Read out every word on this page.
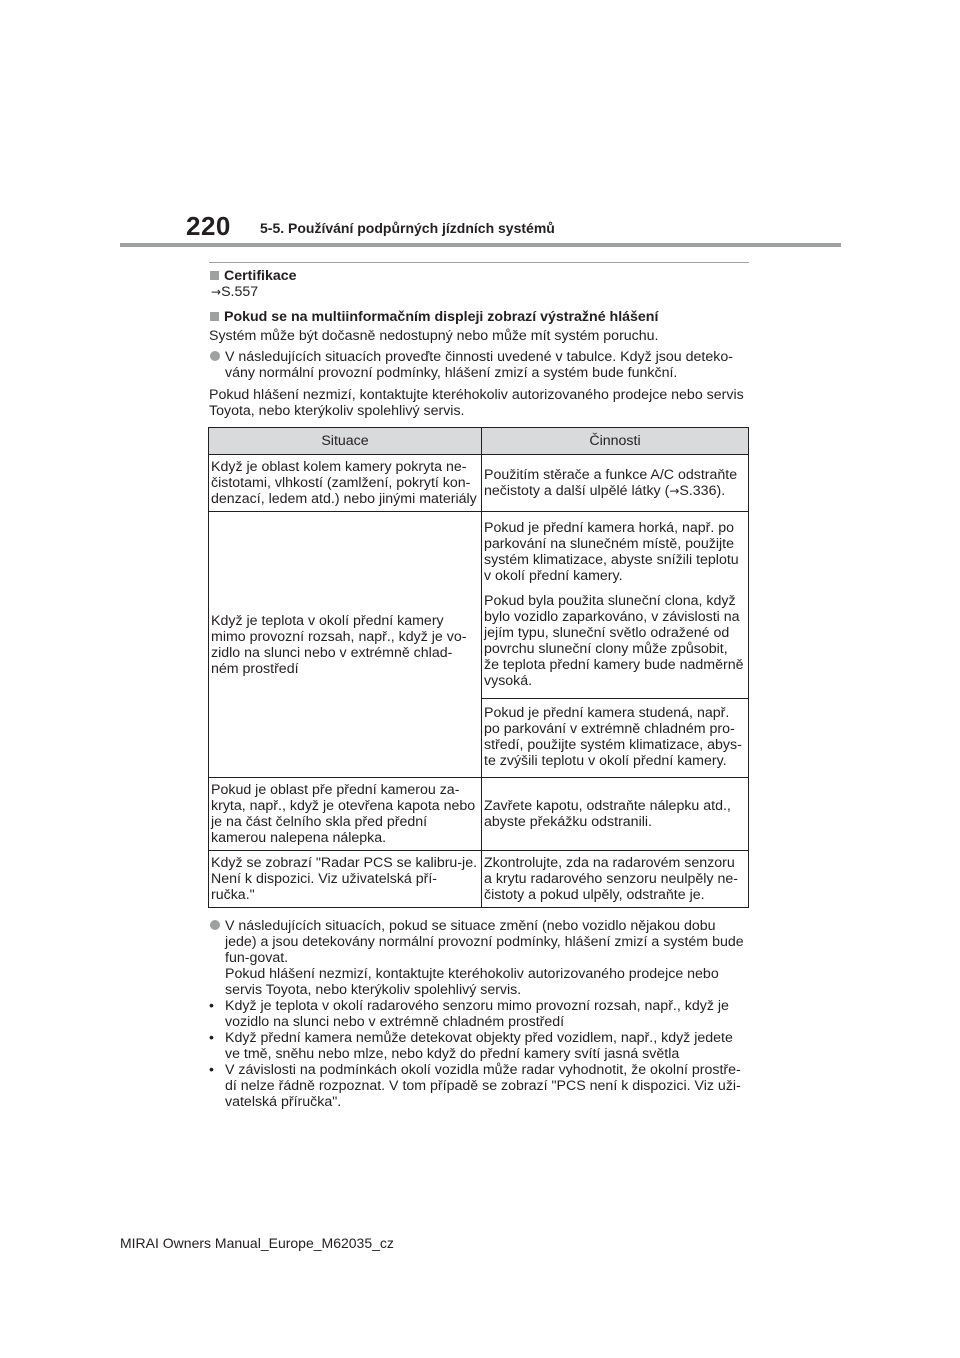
220 5-5. Používání podpůrných jízdních systémů
Certifikace
→S.557
Pokud se na multiinformačním displeji zobrazí výstražné hlášení
Systém může být dočasně nedostupný nebo může mít systém poruchu.
V následujících situacích proveďte činnosti uvedené v tabulce. Když jsou deteko-vány normální provozní podmínky, hlášení zmizí a systém bude funkční.
Pokud hlášení nezmizí, kontaktujte kteréhokoliv autorizovaného prodejce nebo servis Toyota, nebo kterýkoliv spolehlivý servis.
Situace	Činnosti
Když je oblast kolem kamery pokryta ne-čistotami, vlhkostí (zamlžení, pokrytí kon-denzací, ledem atd.) nebo jinými materiály	Použitím stěrače a funkce A/C odstraňte nečistoty a další ulpělé látky (→S.336).
Když je teplota v okolí přední kamery mimo provozní rozsah, např., když je vo-zidlo na slunci nebo v extrémně chlad-ném prostředí	Pokud je přední kamera horká, např. po parkování na slunečném místě, použijte systém klimatizace, abyste snížili teplotu v okolí přední kamery.
Pokud byla použita sluneční clona, když bylo vozidlo zaparkováno, v závislosti na jejím typu, sluneční světlo odražené od povrchu sluneční clony může způsobit, že teplota přední kamery bude nadměrně vysoká.
Pokud je přední kamera studená, např. po parkování v extrémně chladném pro-středí, použijte systém klimatizace, abys-te zvýšili teplotu v okolí přední kamery.

Pokud je oblast pře přední kamerou za-kryta, např., když je otevřena kapota nebo je na část čelního skla před přední kamerou nalepena nálepka.	Zavřete kapotu, odstraňte nálepku atd., abyste překážku odstranili.
Když se zobrazí "Radar PCS se kalibru-je. Není k dispozici. Viz uživatelská pří-ručka."	Zkontrolujte, zda na radarovém senzoru a krytu radarového senzoru neulpěly ne-čistoty a pokud ulpěly, odstraňte je.
V následujících situacích, pokud se situace změní (nebo vozidlo nějakou dobu jede) a jsou detekovány normální provozní podmínky, hlášení zmizí a systém bude fun-govat.
Pokud hlášení nezmizí, kontaktujte kteréhokoliv autorizovaného prodejce nebo servis Toyota, nebo kterýkoliv spolehlivý servis.
• Když je teplota v okolí radarového senzoru mimo provozní rozsah, např., když je vozidlo na slunci nebo v extrémně chladném prostředí
• Když přední kamera nemůže detekovat objekty před vozidlem, např., když jedete ve tmě, sněhu nebo mlze, nebo když do přední kamery svítí jasná světla
• V závislosti na podmínkách okolí vozidla může radar vyhodnotit, že okolní prostře-dí nelze řádně rozpoznat. V tom případě se zobrazí "PCS není k dispozici. Viz uži-vatelská příručka".
MIRAI Owners Manual_Europe_M62035_cz
